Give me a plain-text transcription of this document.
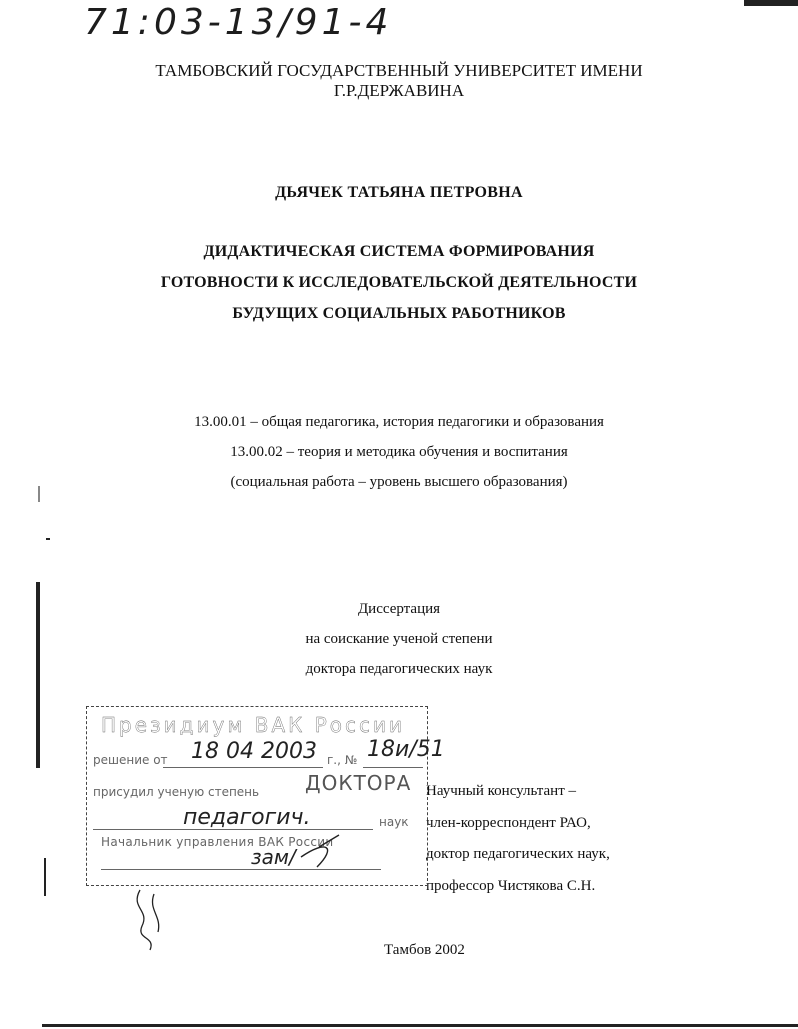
71:03-13/91-4
ТАМБОВСКИЙ ГОСУДАРСТВЕННЫЙ УНИВЕРСИТЕТ ИМЕНИ
Г.Р.ДЕРЖАВИНА
ДЬЯЧЕК ТАТЬЯНА ПЕТРОВНА
ДИДАКТИЧЕСКАЯ СИСТЕМА ФОРМИРОВАНИЯ
ГОТОВНОСТИ К ИССЛЕДОВАТЕЛЬСКОЙ ДЕЯТЕЛЬНОСТИ
БУДУЩИХ СОЦИАЛЬНЫХ РАБОТНИКОВ
13.00.01 – общая педагогика, история педагогики и образования
13.00.02 – теория и методика обучения и воспитания
(социальная работа – уровень высшего образования)
Диссертация
на соискание ученой степени
доктора педагогических наук
Научный консультант –
член-корреспондент РАО,
доктор педагогических наук,
профессор Чистякова С.Н.
Тамбов 2002
Президиум ВАК России
решение от 18 04 2003 г., № 18и/51
присудил ученую степень ДОКТОРА
педагогич.	наук
Начальник управления ВАК России
зам/
